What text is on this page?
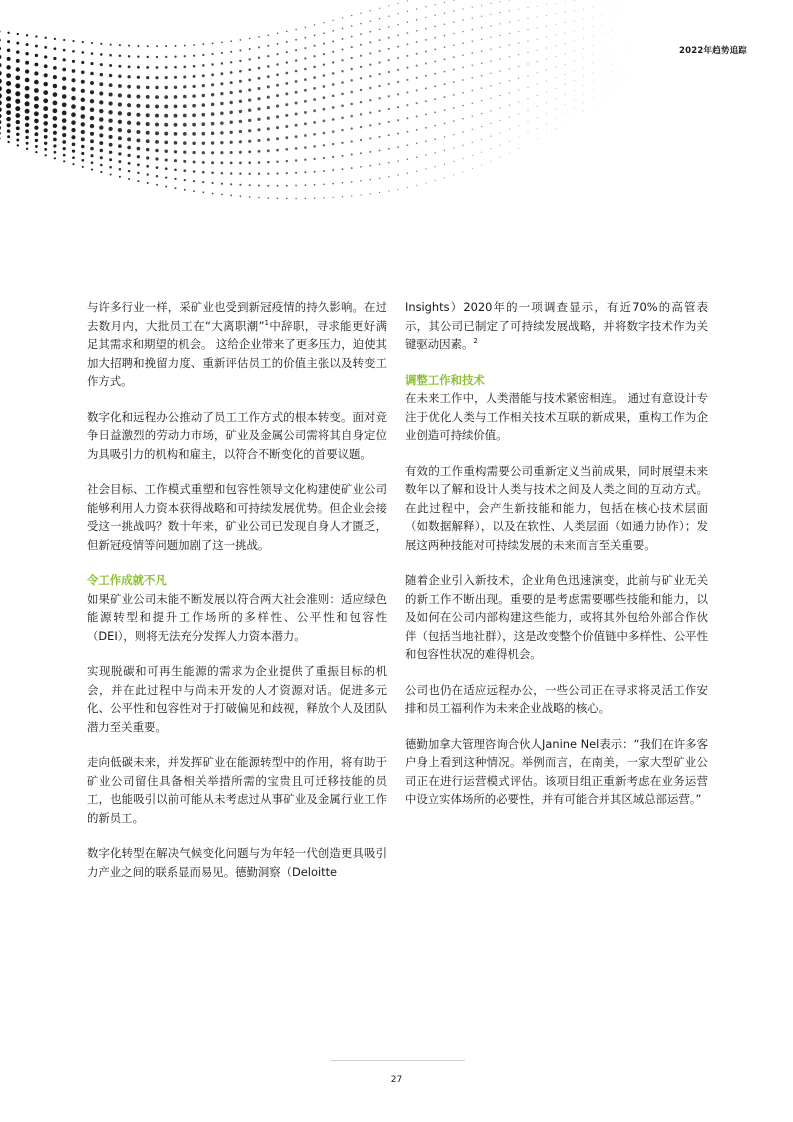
2022年趋势追踪

与许多行业一样，采矿业也受到新冠疫情的持久影响。在过去数月内，大批员工在“大离职潮”$^1$中辞职，寻求能更好满足其需求和期望的机会。 这给企业带来了更多压力，迫使其加大招聘和挽留力度、重新评估员工的价值主张以及转变工作方式。

数字化和远程办公推动了员工工作方式的根本转变。面对竞争日益激烈的劳动力市场，矿业及金属公司需将其自身定位为具吸引力的机构和雇主，以符合不断变化的首要议题。

社会目标、工作模式重塑和包容性领导文化构建使矿业公司能够利用人力资本获得战略和可持续发展优势。但企业会接受这一挑战吗？数十年来，矿业公司已发现自身人才匮乏，但新冠疫情等问题加剧了这一挑战。

令工作成就不凡

如果矿业公司未能不断发展以符合两大社会准则：适应绿色能源转型和提升工作场所的多样性、公平性和包容性（DEI），则将无法充分发挥人力资本潜力。

实现脱碳和可再生能源的需求为企业提供了重振目标的机会，并在此过程中与尚未开发的人才资源对话。促进多元化、公平性和包容性对于打破偏见和歧视，释放个人及团队潜力至关重要。

走向低碳未来，并发挥矿业在能源转型中的作用，将有助于矿业公司留住具备相关举措所需的宝贵且可迁移技能的员工，也能吸引以前可能从未考虑过从事矿业及金属行业工作的新员工。

数字化转型在解决气候变化问题与为年轻一代创造更具吸引力产业之间的联系显而易见。德勤洞察（Deloitte

Insights）2020年的一项调查显示，有近70%的高管表示，其公司已制定了可持续发展战略，并将数字技术作为关键驱动因素。$^2$

调整工作和技术

在未来工作中，人类潜能与技术紧密相连。 通过有意设计专注于优化人类与工作相关技术互联的新成果，重构工作为企业创造可持续价值。

有效的工作重构需要公司重新定义当前成果，同时展望未来数年以了解和设计人类与技术之间及人类之间的互动方式。在此过程中，会产生新技能和能力，包括在核心技术层面（如数据解释），以及在软性、人类层面（如通力协作）；发展这两种技能对可持续发展的未来而言至关重要。

随着企业引入新技术，企业角色迅速演变，此前与矿业无关的新工作不断出现。重要的是考虑需要哪些技能和能力，以及如何在公司内部构建这些能力，或将其外包给外部合作伙伴（包括当地社群），这是改变整个价值链中多样性、公平性和包容性状况的难得机会。

公司也仍在适应远程办公，一些公司正在寻求将灵活工作安排和员工福利作为未来企业战略的核心。

德勤加拿大管理咨询合伙人Janine Nel表示：“我们在许多客户身上看到这种情况。举例而言，在南美，一家大型矿业公司正在进行运营模式评估。该项目组正重新考虑在业务运营中设立实体场所的必要性，并有可能合并其区域总部运营。”

27
